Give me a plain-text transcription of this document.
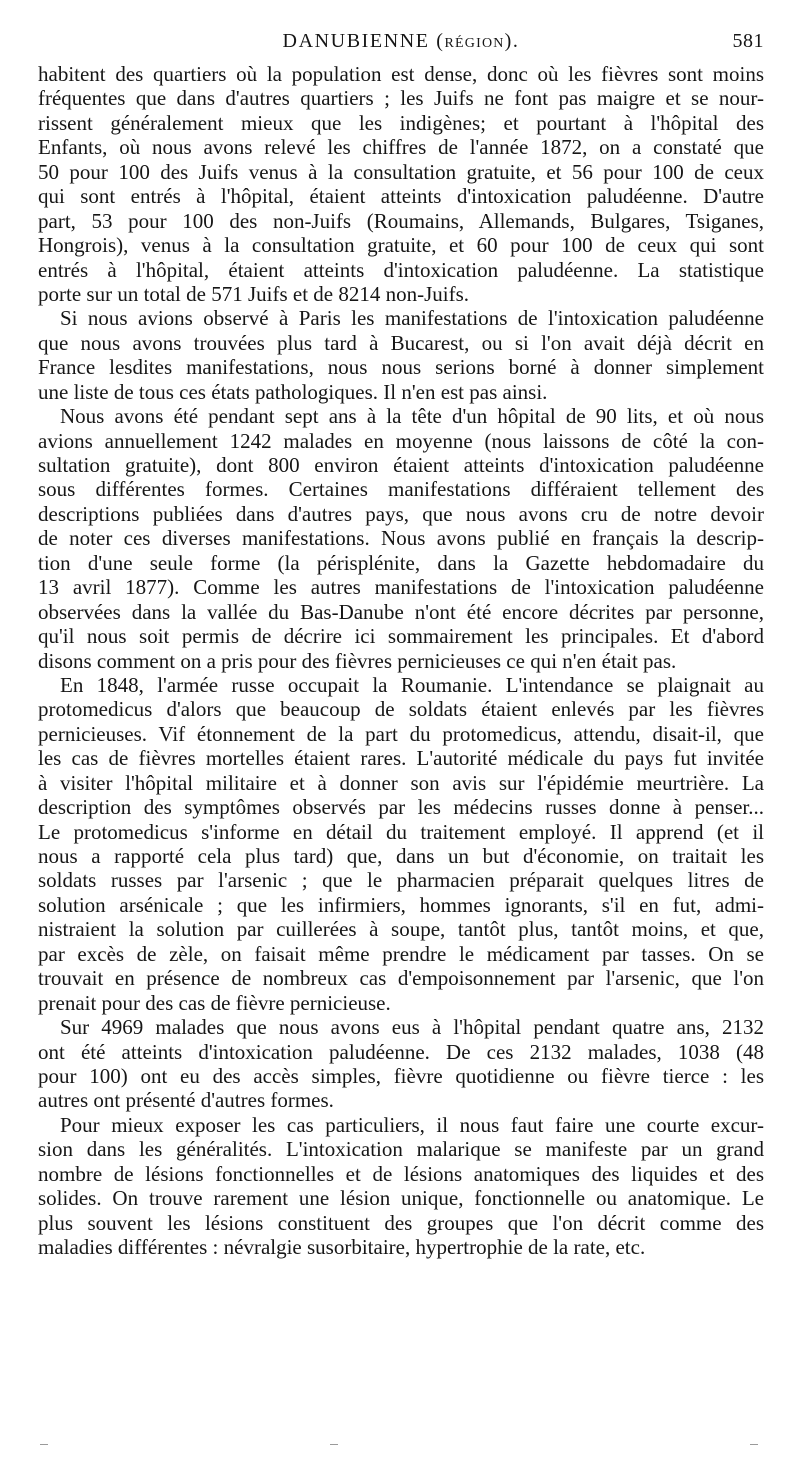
DANUBIENNE (RÉGION).	581
habitent des quartiers où la population est dense, donc où les fièvres sont moins
fréquentes que dans d'autres quartiers ; les Juifs ne font pas maigre et se nour-
rissent généralement mieux que les indigènes; et pourtant à l'hôpital des
Enfants, où nous avons relevé les chiffres de l'année 1872, on a constaté que
50 pour 100 des Juifs venus à la consultation gratuite, et 56 pour 100 de ceux
qui sont entrés à l'hôpital, étaient atteints d'intoxication paludéenne. D'autre
part, 53 pour 100 des non-Juifs (Roumains, Allemands, Bulgares, Tsiganes,
Hongrois), venus à la consultation gratuite, et 60 pour 100 de ceux qui sont
entrés à l'hôpital, étaient atteints d'intoxication paludéenne. La statistique
porte sur un total de 571 Juifs et de 8214 non-Juifs.
Si nous avions observé à Paris les manifestations de l'intoxication paludéenne
que nous avons trouvées plus tard à Bucarest, ou si l'on avait déjà décrit en
France lesdites manifestations, nous nous serions borné à donner simplement
une liste de tous ces états pathologiques. Il n'en est pas ainsi.
Nous avons été pendant sept ans à la tête d'un hôpital de 90 lits, et où nous
avions annuellement 1242 malades en moyenne (nous laissons de côté la con-
sultation gratuite), dont 800 environ étaient atteints d'intoxication paludéenne
sous différentes formes. Certaines manifestations différaient tellement des
descriptions publiées dans d'autres pays, que nous avons cru de notre devoir
de noter ces diverses manifestations. Nous avons publié en français la descrip-
tion d'une seule forme (la périsplénite, dans la Gazette hebdomadaire du
13 avril 1877). Comme les autres manifestations de l'intoxication paludéenne
observées dans la vallée du Bas-Danube n'ont été encore décrites par personne,
qu'il nous soit permis de décrire ici sommairement les principales. Et d'abord
disons comment on a pris pour des fièvres pernicieuses ce qui n'en était pas.
En 1848, l'armée russe occupait la Roumanie. L'intendance se plaignait au
protomedicus d'alors que beaucoup de soldats étaient enlevés par les fièvres
pernicieuses. Vif étonnement de la part du protomedicus, attendu, disait-il, que
les cas de fièvres mortelles étaient rares. L'autorité médicale du pays fut invitée
à visiter l'hôpital militaire et à donner son avis sur l'épidémie meurtrière. La
description des symptômes observés par les médecins russes donne à penser...
Le protomedicus s'informe en détail du traitement employé. Il apprend (et il
nous a rapporté cela plus tard) que, dans un but d'économie, on traitait les
soldats russes par l'arsenic ; que le pharmacien préparait quelques litres de
solution arsénicale ; que les infirmiers, hommes ignorants, s'il en fut, admi-
nistraient la solution par cuillerées à soupe, tantôt plus, tantôt moins, et que,
par excès de zèle, on faisait même prendre le médicament par tasses. On se
trouvait en présence de nombreux cas d'empoisonnement par l'arsenic, que l'on
prenait pour des cas de fièvre pernicieuse.
Sur 4969 malades que nous avons eus à l'hôpital pendant quatre ans, 2132
ont été atteints d'intoxication paludéenne. De ces 2132 malades, 1038 (48
pour 100) ont eu des accès simples, fièvre quotidienne ou fièvre tierce : les
autres ont présenté d'autres formes.
Pour mieux exposer les cas particuliers, il nous faut faire une courte excur-
sion dans les généralités. L'intoxication malarique se manifeste par un grand
nombre de lésions fonctionnelles et de lésions anatomiques des liquides et des
solides. On trouve rarement une lésion unique, fonctionnelle ou anatomique. Le
plus souvent les lésions constituent des groupes que l'on décrit comme des
maladies différentes : névralgie susorbitaire, hypertrophie de la rate, etc.
